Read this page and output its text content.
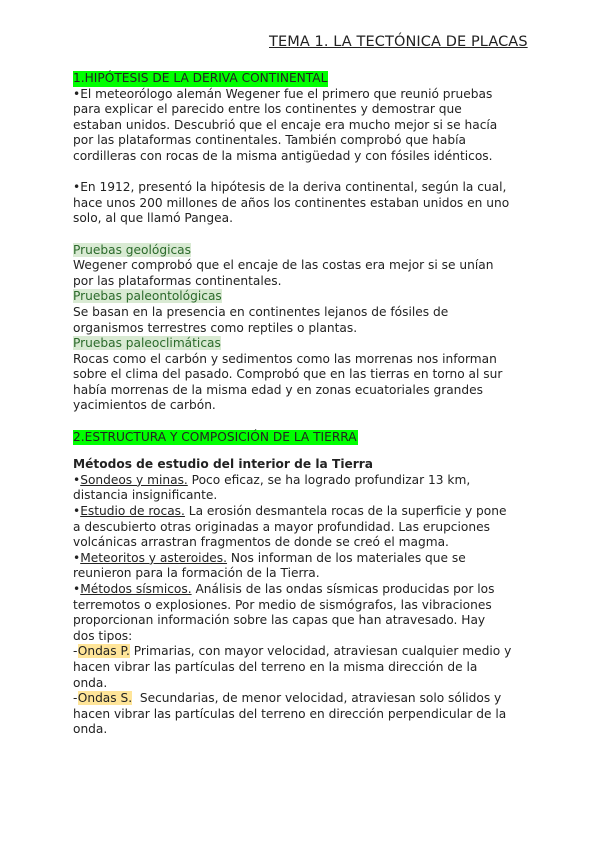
TEMA 1. LA TECTÓNICA DE PLACAS

1.HIPÓTESIS DE LA DERIVA CONTINENTAL

•El meteorólogo alemán Wegener fue el primero que reunió pruebas

para explicar el parecido entre los continentes y demostrar que

estaban unidos. Descubrió que el encaje era mucho mejor si se hacía

por las plataformas continentales. También comprobó que había

cordilleras con rocas de la misma antigüedad y con fósiles idénticos.

•En 1912, presentó la hipótesis de la deriva continental, según la cual,

hace unos 200 millones de años los continentes estaban unidos en uno

solo, al que llamó Pangea.

Pruebas geológicas

Wegener comprobó que el encaje de las costas era mejor si se unían

por las plataformas continentales.

Pruebas paleontológicas

Se basan en la presencia en continentes lejanos de fósiles de

organismos terrestres como reptiles o plantas.

Pruebas paleoclimáticas

Rocas como el carbón y sedimentos como las morrenas nos informan

sobre el clima del pasado. Comprobó que en las tierras en torno al sur

había morrenas de la misma edad y en zonas ecuatoriales grandes

yacimientos de carbón.

2.ESTRUCTURA Y COMPOSICIÓN DE LA TIERRA

Métodos de estudio del interior de la Tierra

•Sondeos y minas. Poco eficaz, se ha logrado profundizar 13 km,

distancia insignificante.

•Estudio de rocas. La erosión desmantela rocas de la superficie y pone

a descubierto otras originadas a mayor profundidad. Las erupciones

volcánicas arrastran fragmentos de donde se creó el magma.

•Meteoritos y asteroides. Nos informan de los materiales que se

reunieron para la formación de la Tierra.

•Métodos sísmicos. Análisis de las ondas sísmicas producidas por los

terremotos o explosiones. Por medio de sismógrafos, las vibraciones

proporcionan información sobre las capas que han atravesado. Hay

dos tipos:

-Ondas P. Primarias, con mayor velocidad, atraviesan cualquier medio y

hacen vibrar las partículas del terreno en la misma dirección de la

onda.

-Ondas S.  Secundarias, de menor velocidad, atraviesan solo sólidos y

hacen vibrar las partículas del terreno en dirección perpendicular de la

onda.
